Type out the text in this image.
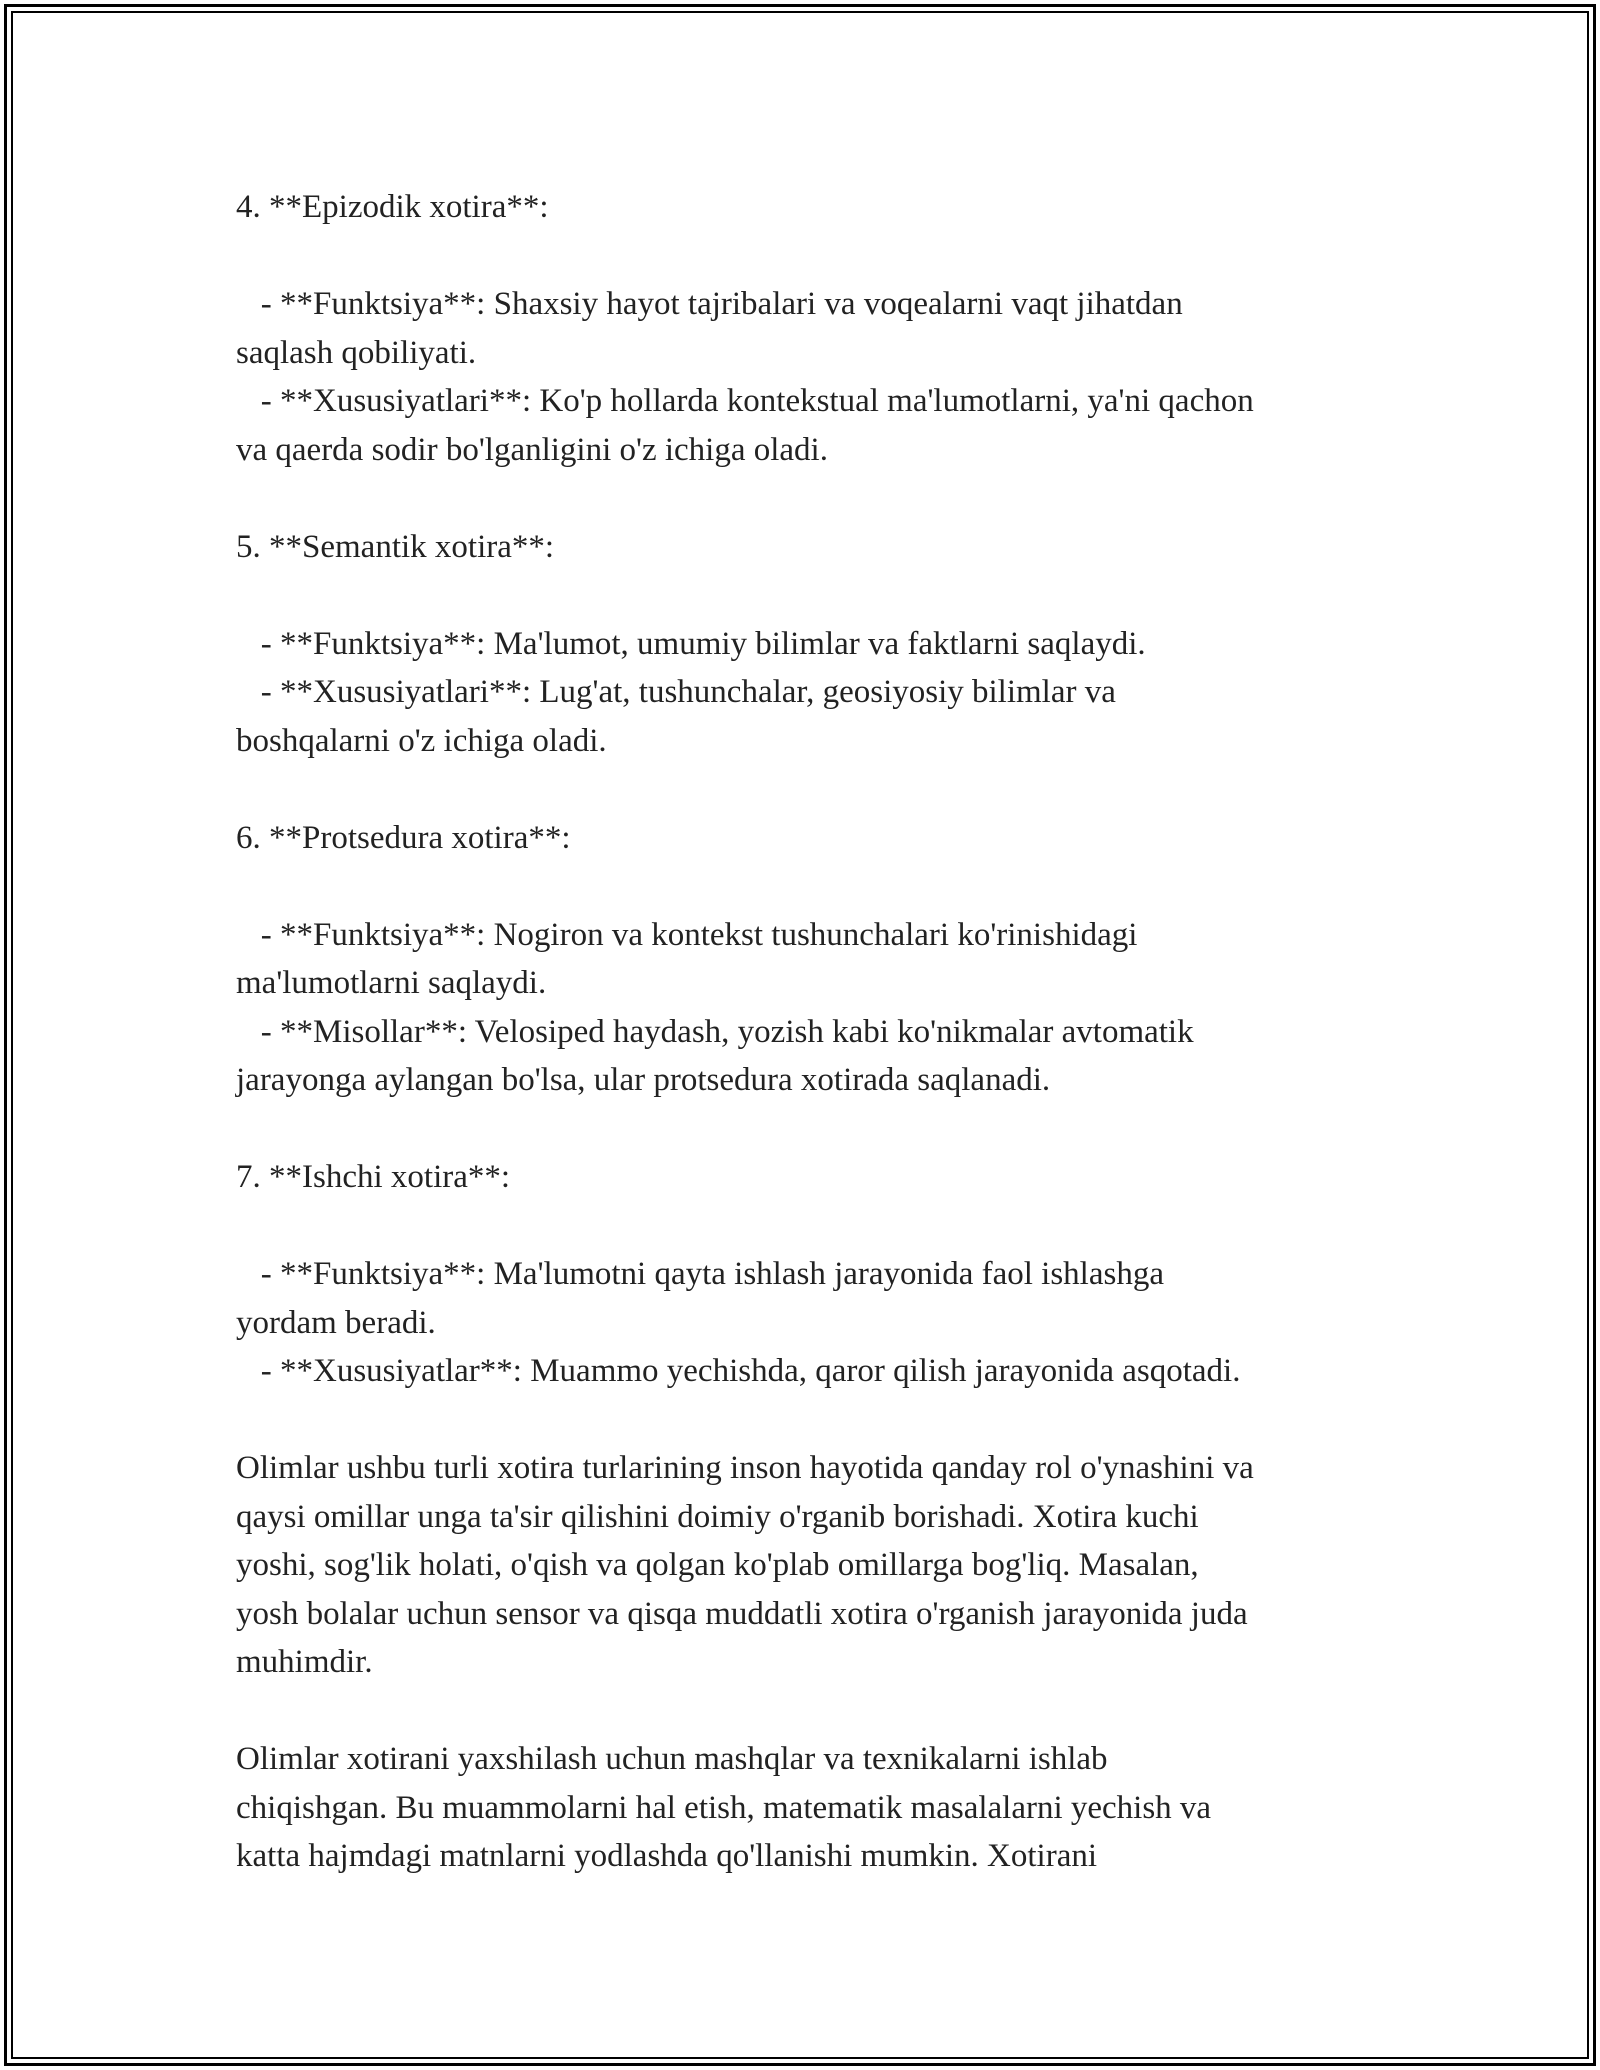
4. **Epizodik xotira**:
- **Funktsiya**: Shaxsiy hayot tajribalari va voqealarni vaqt jihatdan
saqlash qobiliyati.
- **Xususiyatlari**: Ko'p hollarda kontekstual ma'lumotlarni, ya'ni qachon
va qaerda sodir bo'lganligini o'z ichiga oladi.
5. **Semantik xotira**:
- **Funktsiya**: Ma'lumot, umumiy bilimlar va faktlarni saqlaydi.
- **Xususiyatlari**: Lug'at, tushunchalar, geosiyosiy bilimlar va
boshqalarni o'z ichiga oladi.
6. **Protsedura xotira**:
- **Funktsiya**: Nogiron va kontekst tushunchalari ko'rinishidagi
ma'lumotlarni saqlaydi.
- **Misollar**: Velosiped haydash, yozish kabi ko'nikmalar avtomatik
jarayonga aylangan bo'lsa, ular protsedura xotirada saqlanadi.
7. **Ishchi xotira**:
- **Funktsiya**: Ma'lumotni qayta ishlash jarayonida faol ishlashga
yordam beradi.
- **Xususiyatlar**: Muammo yechishda, qaror qilish jarayonida asqotadi.
Olimlar ushbu turli xotira turlarining inson hayotida qanday rol o'ynashini va
qaysi omillar unga ta'sir qilishini doimiy o'rganib borishadi. Xotira kuchi
yoshi, sog'lik holati, o'qish va qolgan ko'plab omillarga bog'liq. Masalan,
yosh bolalar uchun sensor va qisqa muddatli xotira o'rganish jarayonida juda
muhimdir.
Olimlar xotirani yaxshilash uchun mashqlar va texnikalarni ishlab
chiqishgan. Bu muammolarni hal etish, matematik masalalarni yechish va
katta hajmdagi matnlarni yodlashda qo'llanishi mumkin. Xotirani
